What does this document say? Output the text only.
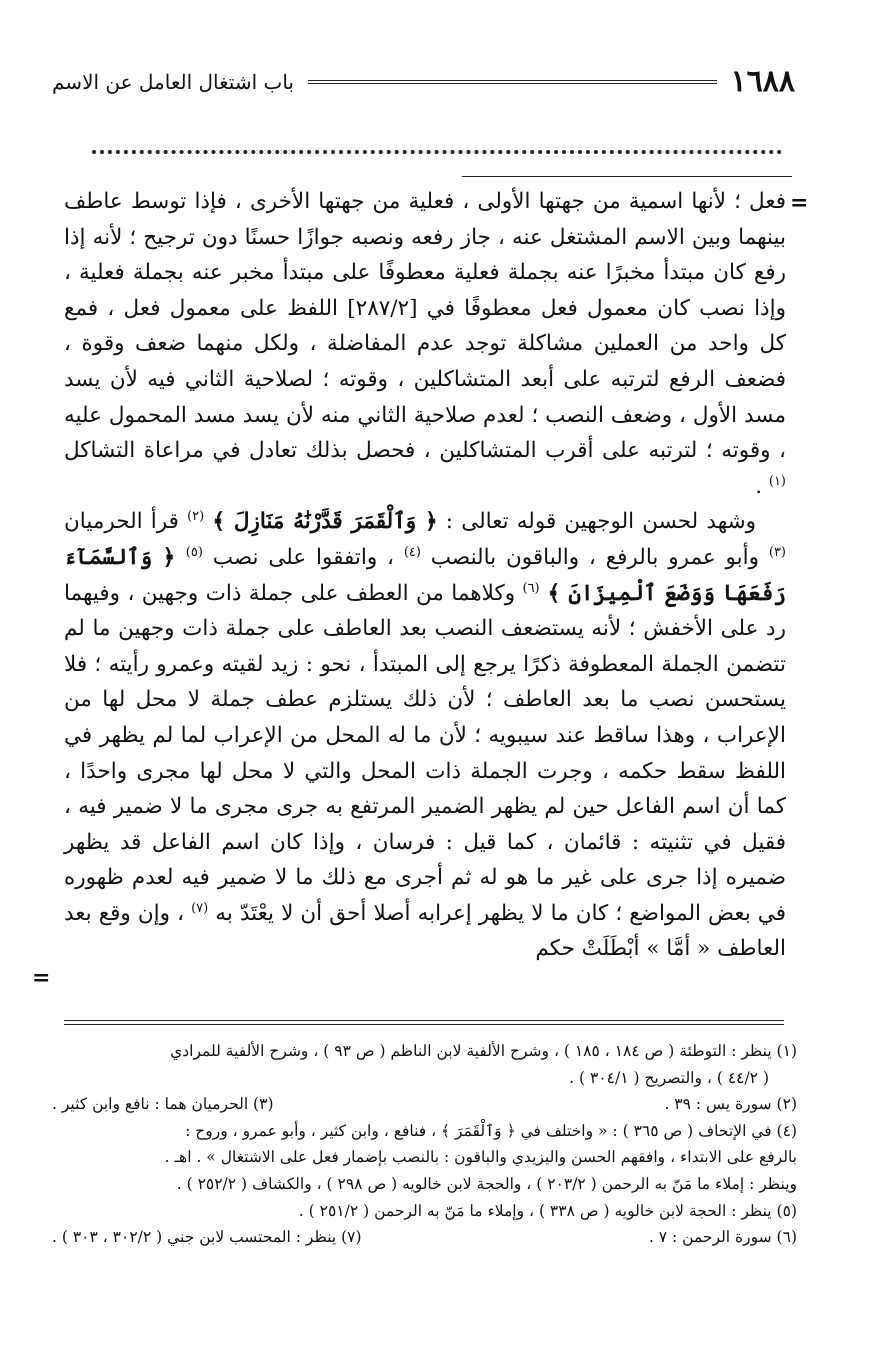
١٦٨٨
باب اشتغال العامل عن الاسم
=

فعل ؛ لأنها اسمية من جهتها الأولى ، فعلية من جهتها الأخرى ، فإذا توسط عاطف بينهما وبين الاسم المشتغل عنه ، جاز رفعه ونصبه جوازًا حسنًا دون ترجيح ؛ لأنه إذا رفع كان مبتدأ مخبرًا عنه بجملة فعلية معطوفًا على مبتدأ مخبر عنه بجملة فعلية ، وإذا نصب كان معمول فعل معطوفًا في [٢٨٧/٢] اللفظ على معمول فعل ، فمع كل واحد من العملين مشاكلة توجد عدم المفاضلة ، ولكل منهما ضعف وقوة ، فضعف الرفع لترتبه على أبعد المتشاكلين ، وقوته ؛ لصلاحية الثاني فيه لأن يسد مسد الأول ، وضعف النصب ؛ لعدم صلاحية الثاني منه لأن يسد مسد المحمول عليه ، وقوته ؛ لترتبه على أقرب المتشاكلين ، فحصل بذلك تعادل في مراعاة التشاكل $^{(١)}$ .

وشهد لحسن الوجهين قوله تعالى : ﴿ وَٱلْقَمَرَ قَدَّرْنَٰهُ مَنَازِلَ ﴾ $^{(٢)}$ قرأ الحرميان $^{(٣)}$ وأبو عمرو بالرفع ، والباقون بالنصب $^{(٤)}$ ، واتفقوا على نصب $^{(٥)}$ ﴿ وَٱلسَّمَآءَ رَفَعَهَا وَوَضَعَ ٱلْمِيزَانَ ﴾ $^{(٦)}$ وكلاهما من العطف على جملة ذات وجهين ، وفيهما رد على الأخفش ؛ لأنه يستضعف النصب بعد العاطف على جملة ذات وجهين ما لم تتضمن الجملة المعطوفة ذكرًا يرجع إلى المبتدأ ، نحو : زيد لقيته وعمرو رأيته ؛ فلا يستحسن نصب ما بعد العاطف ؛ لأن ذلك يستلزم عطف جملة لا محل لها من الإعراب ، وهذا ساقط عند سيبويه ؛ لأن ما له المحل من الإعراب لما لم يظهر في اللفظ سقط حكمه ، وجرت الجملة ذات المحل والتي لا محل لها مجرى واحدًا ، كما أن اسم الفاعل حين لم يظهر الضمير المرتفع به جرى مجرى ما لا ضمير فيه ، فقيل في تثنيته : قائمان ، كما قيل : فرسان ، وإذا كان اسم الفاعل قد يظهر ضميره إذا جرى على غير ما هو له ثم أجرى مع ذلك ما لا ضمير فيه لعدم ظهوره في بعض المواضع ؛ كان ما لا يظهر إعرابه أصلا أحق أن لا يعْتَدّ به $^{(٧)}$ ، وإن وقع بعد العاطف « أمَّا » أبْطَلَتْ حكم

=

(١) ينظر : التوطئة ( ص ١٨٤ ، ١٨٥ ) ، وشرح الألفية لابن الناظم ( ص ٩٣ ) ، وشرح الألفية للمرادي

( ٤٤/٢ ) ، والتصريح ( ٣٠٤/١ ) .

(٢) سورة يس : ٣٩ .

(٣) الحرميان هما : نافع وابن كثير .

(٤) في الإتحاف ( ص ٣٦٥ ) : « واختلف في ﴿ وَٱلْقَمَرَ ﴾ ، فنافع ، وابن كثير ، وأبو عمرو ، وروح :

بالرفع على الابتداء ، وافقهم الحسن واليزيدي والباقون : بالنصب بإضمار فعل على الاشتغال » . اهـ .

وينظر : إملاء ما مَنّ به الرحمن ( ٢٠٣/٢ ) ، والحجة لابن خالويه ( ص ٢٩٨ ) ، والكشاف ( ٢٥٢/٢ ) .

(٥) ينظر : الحجة لابن خالويه ( ص ٣٣٨ ) ، وإملاء ما مَنّ به الرحمن ( ٢٥١/٢ ) .

(٦) سورة الرحمن : ٧ .

(٧) ينظر : المحتسب لابن جني ( ٣٠٢/٢ ، ٣٠٣ ) .
